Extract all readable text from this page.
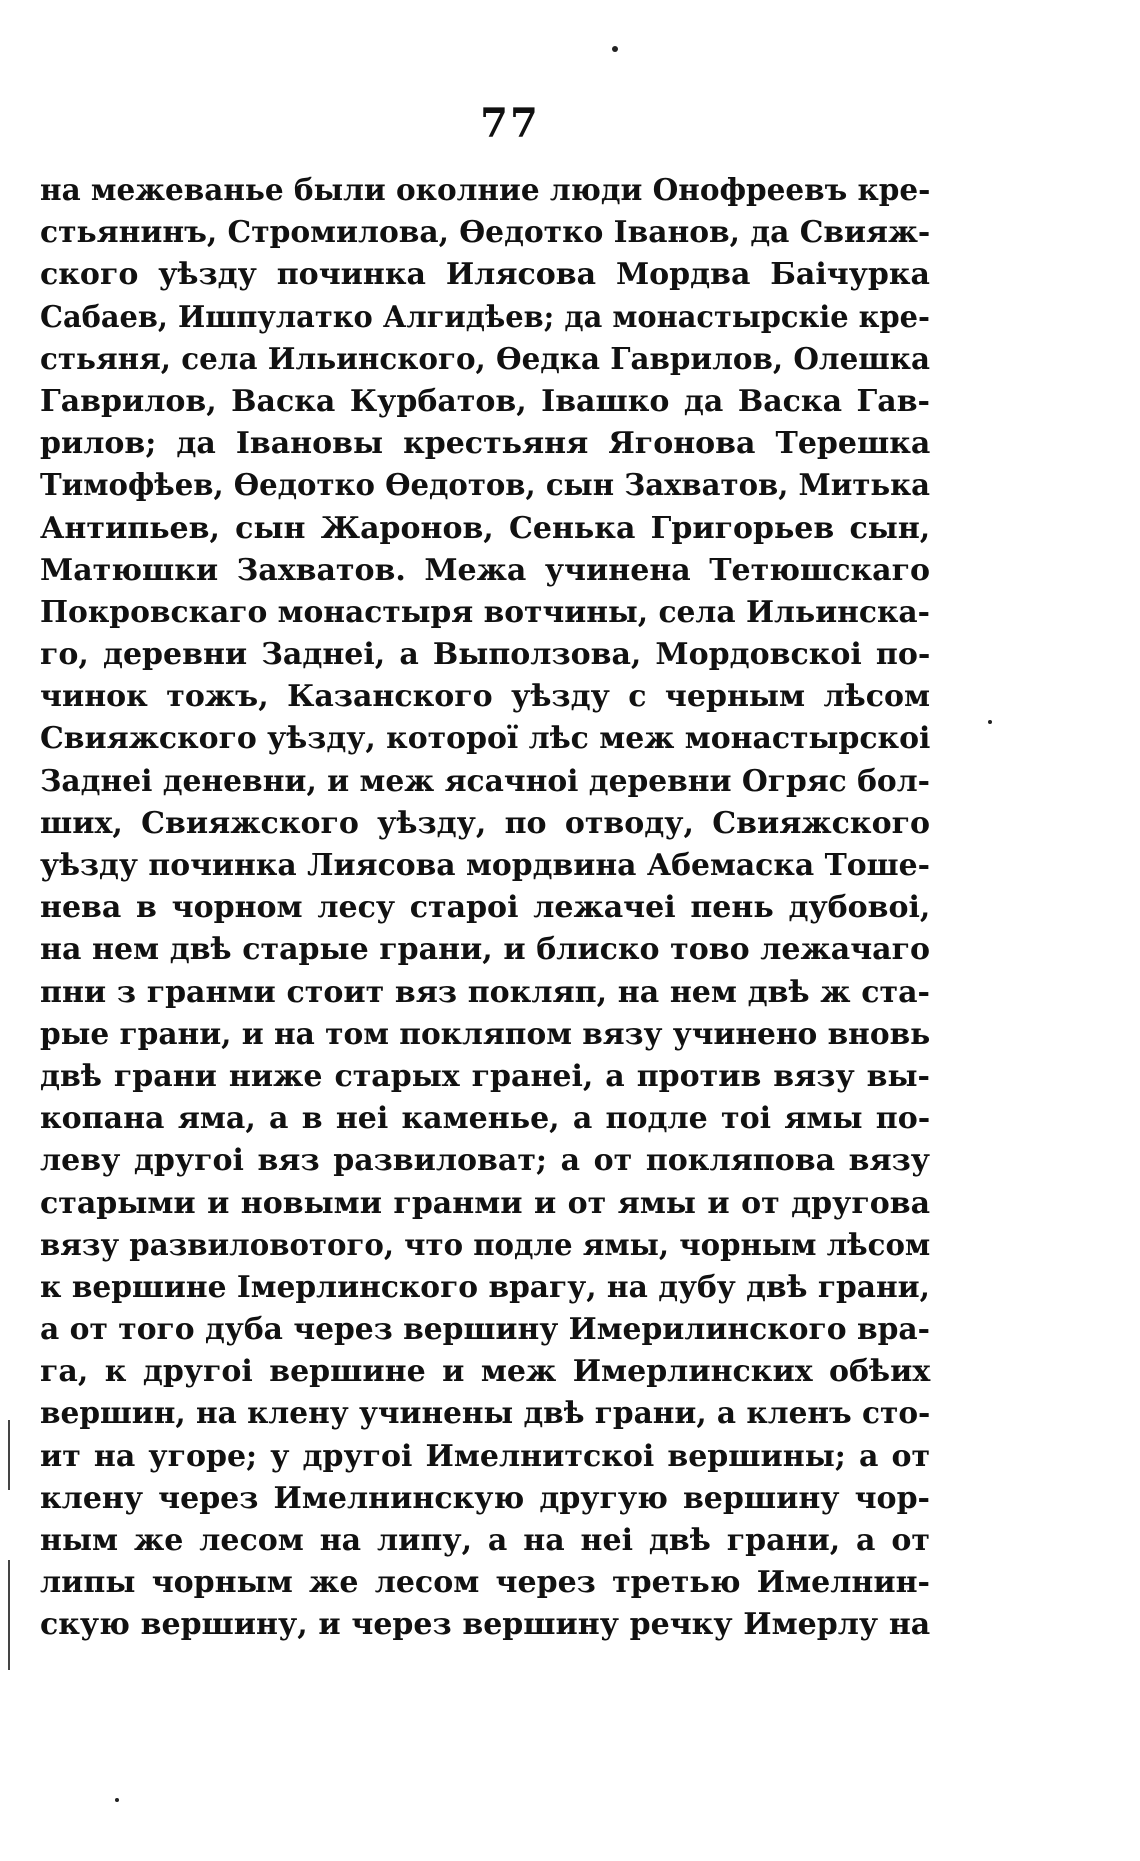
77
на межеванье были околние люди Онофреевъ кре-
стьянинъ, Стромилова, Ѳедотко Іванов, да Свияж-
ского уѣзду починка Илясова Мордва Баічурка
Сабаев, Ишпулатко Алгидѣев; да монастырскіе кре-
стьяня, села Ильинского, Ѳедка Гаврилов, Олешка
Гаврилов, Васка Курбатов, Івашко да Васка Гав-
рилов; да Івановы крестьяня Ягонова Терешка
Тимофѣев, Ѳедотко Ѳедотов, сын Захватов, Митька
Антипьев, сын Жаронов, Сенька Григорьев сын,
Матюшки Захватов. Межа учинена Тетюшскаго
Покровскаго монастыря вотчины, села Ильинска-
го, деревни Заднеі, а Выползова, Мордовскоі по-
чинок тожъ, Казанского уѣзду с черным лѣсом
Свияжского уѣзду, которої лѣс меж монастырскоі
Заднеі деневни, и меж ясачноі деревни Огряс бол-
ших, Свияжского уѣзду, по отводу, Свияжского
уѣзду починка Лиясова мордвина Абемаска Тоше-
нева в чорном лесу староі лежачеі пень дубовоі,
на нем двѣ старые грани, и блиско тово лежачаго
пни з гранми стоит вяз покляп, на нем двѣ ж ста-
рые грани, и на том покляпом вязу учинено вновь
двѣ грани ниже старых гранеі, а против вязу вы-
копана яма, а в неі каменье, а подле тоі ямы по-
леву другоі вяз развиловат; а от покляпова вязу
старыми и новыми гранми и от ямы и от другова
вязу развиловотого, что подле ямы, чорным лѣсом
к вершине Імерлинского врагу, на дубу двѣ грани,
а от того дуба через вершину Имерилинского вра-
га, к другоі вершине и меж Имерлинских обѣих
вершин, на клену учинены двѣ грани, а кленъ сто-
ит на угоре; у другоі Имелнитскоі вершины; а от
клену через Имелнинскую другую вершину чор-
ным же лесом на липу, а на неі двѣ грани, а от
липы чорным же лесом через третью Имелнин-
скую вершину, и через вершину речку Имерлу на
